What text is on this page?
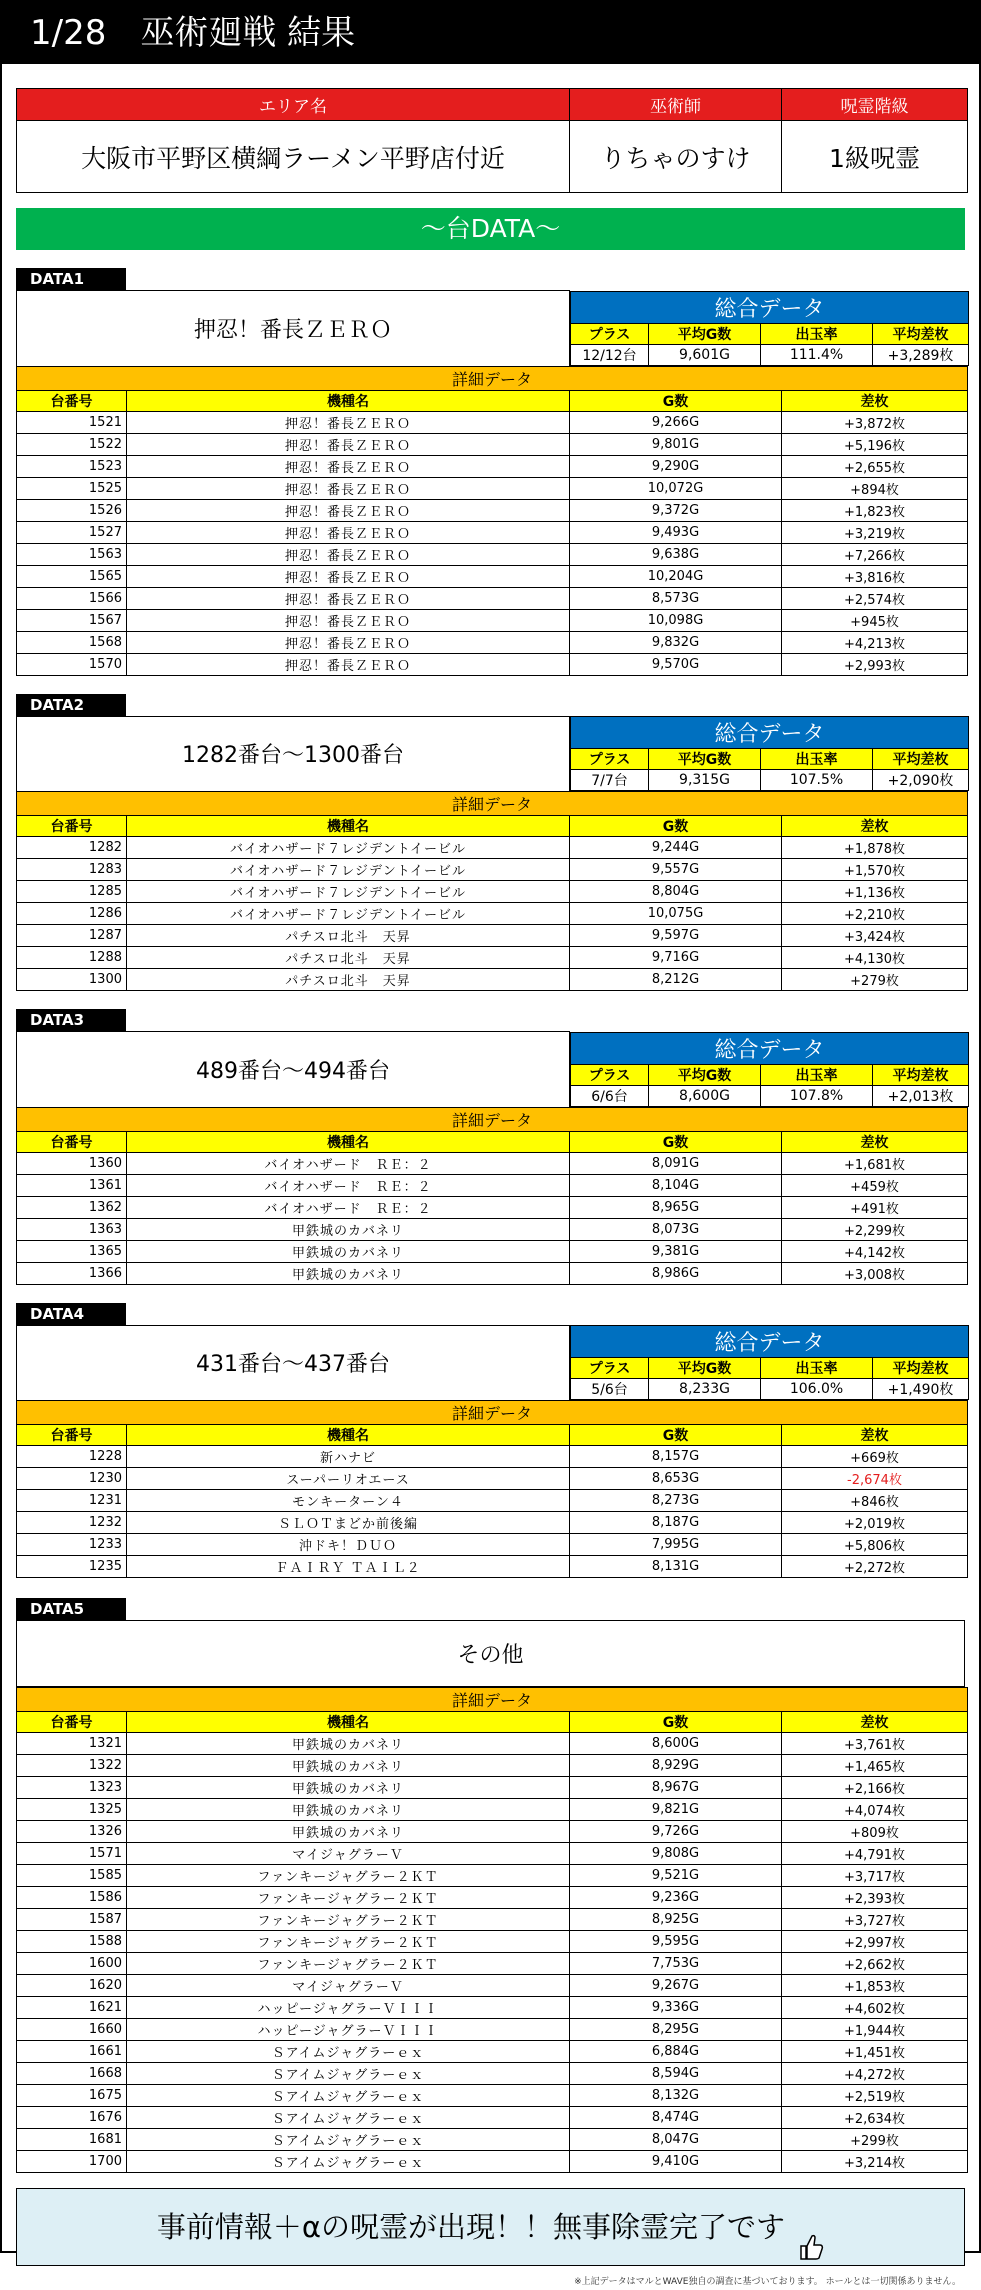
1/28　巫術廻戦 結果
エリア名	巫術師	呪霊階級
大阪市平野区横綱ラーメン平野店付近	りちゃのすけ	1級呪霊
～台DATA～
DATA1
押忍！番長ＺＥＲＯ	
総合データ
プラス	平均G数	出玉率	平均差枚
12/12台	9,601G	111.4%	+3,289枚

詳細データ
台番号	機種名	G数	差枚
1521	押忍！番長ＺＥＲＯ	9,266G	+3,872枚
1522	押忍！番長ＺＥＲＯ	9,801G	+5,196枚
1523	押忍！番長ＺＥＲＯ	9,290G	+2,655枚
1525	押忍！番長ＺＥＲＯ	10,072G	+894枚
1526	押忍！番長ＺＥＲＯ	9,372G	+1,823枚
1527	押忍！番長ＺＥＲＯ	9,493G	+3,219枚
1563	押忍！番長ＺＥＲＯ	9,638G	+7,266枚
1565	押忍！番長ＺＥＲＯ	10,204G	+3,816枚
1566	押忍！番長ＺＥＲＯ	8,573G	+2,574枚
1567	押忍！番長ＺＥＲＯ	10,098G	+945枚
1568	押忍！番長ＺＥＲＯ	9,832G	+4,213枚
1570	押忍！番長ＺＥＲＯ	9,570G	+2,993枚
DATA2
1282番台～1300番台	
総合データ
プラス	平均G数	出玉率	平均差枚
7/7台	9,315G	107.5%	+2,090枚

詳細データ
台番号	機種名	G数	差枚
1282	バイオハザード７レジデントイービル	9,244G	+1,878枚
1283	バイオハザード７レジデントイービル	9,557G	+1,570枚
1285	バイオハザード７レジデントイービル	8,804G	+1,136枚
1286	バイオハザード７レジデントイービル	10,075G	+2,210枚
1287	パチスロ北斗　天昇	9,597G	+3,424枚
1288	パチスロ北斗　天昇	9,716G	+4,130枚
1300	パチスロ北斗　天昇	8,212G	+279枚
DATA3
489番台～494番台	
総合データ
プラス	平均G数	出玉率	平均差枚
6/6台	8,600G	107.8%	+2,013枚

詳細データ
台番号	機種名	G数	差枚
1360	バイオハザード　ＲＥ：２	8,091G	+1,681枚
1361	バイオハザード　ＲＥ：２	8,104G	+459枚
1362	バイオハザード　ＲＥ：２	8,965G	+491枚
1363	甲鉄城のカバネリ	8,073G	+2,299枚
1365	甲鉄城のカバネリ	9,381G	+4,142枚
1366	甲鉄城のカバネリ	8,986G	+3,008枚
DATA4
431番台～437番台	
総合データ
プラス	平均G数	出玉率	平均差枚
5/6台	8,233G	106.0%	+1,490枚

詳細データ
台番号	機種名	G数	差枚
1228	新ハナビ	8,157G	+669枚
1230	スーパーリオエース	8,653G	-2,674枚
1231	モンキーターン４	8,273G	+846枚
1232	ＳＬＯＴまどか前後編	8,187G	+2,019枚
1233	沖ドキ！ＤＵＯ	7,995G	+5,806枚
1235	ＦＡＩＲＹ ＴＡＩＬ２	8,131G	+2,272枚
DATA5
その他
詳細データ			
台番号	機種名	G数	差枚
1321	甲鉄城のカバネリ	8,600G	+3,761枚
1322	甲鉄城のカバネリ	8,929G	+1,465枚
1323	甲鉄城のカバネリ	8,967G	+2,166枚
1325	甲鉄城のカバネリ	9,821G	+4,074枚
1326	甲鉄城のカバネリ	9,726G	+809枚
1571	マイジャグラーＶ	9,808G	+4,791枚
1585	ファンキージャグラー２ＫＴ	9,521G	+3,717枚
1586	ファンキージャグラー２ＫＴ	9,236G	+2,393枚
1587	ファンキージャグラー２ＫＴ	8,925G	+3,727枚
1588	ファンキージャグラー２ＫＴ	9,595G	+2,997枚
1600	ファンキージャグラー２ＫＴ	7,753G	+2,662枚
1620	マイジャグラーＶ	9,267G	+1,853枚
1621	ハッピージャグラーＶＩＩＩ	9,336G	+4,602枚
1660	ハッピージャグラーＶＩＩＩ	8,295G	+1,944枚
1661	Ｓアイムジャグラーｅｘ	6,884G	+1,451枚
1668	Ｓアイムジャグラーｅｘ	8,594G	+4,272枚
1675	Ｓアイムジャグラーｅｘ	8,132G	+2,519枚
1676	Ｓアイムジャグラーｅｘ	8,474G	+2,634枚
1681	Ｓアイムジャグラーｅｘ	8,047G	+299枚
1700	Ｓアイムジャグラーｅｘ	9,410G	+3,214枚
事前情報＋αの呪霊が出現！！無事除霊完了です
※上記データはマルとWAVE独自の調査に基づいております。 ホールとは一切関係ありません。
